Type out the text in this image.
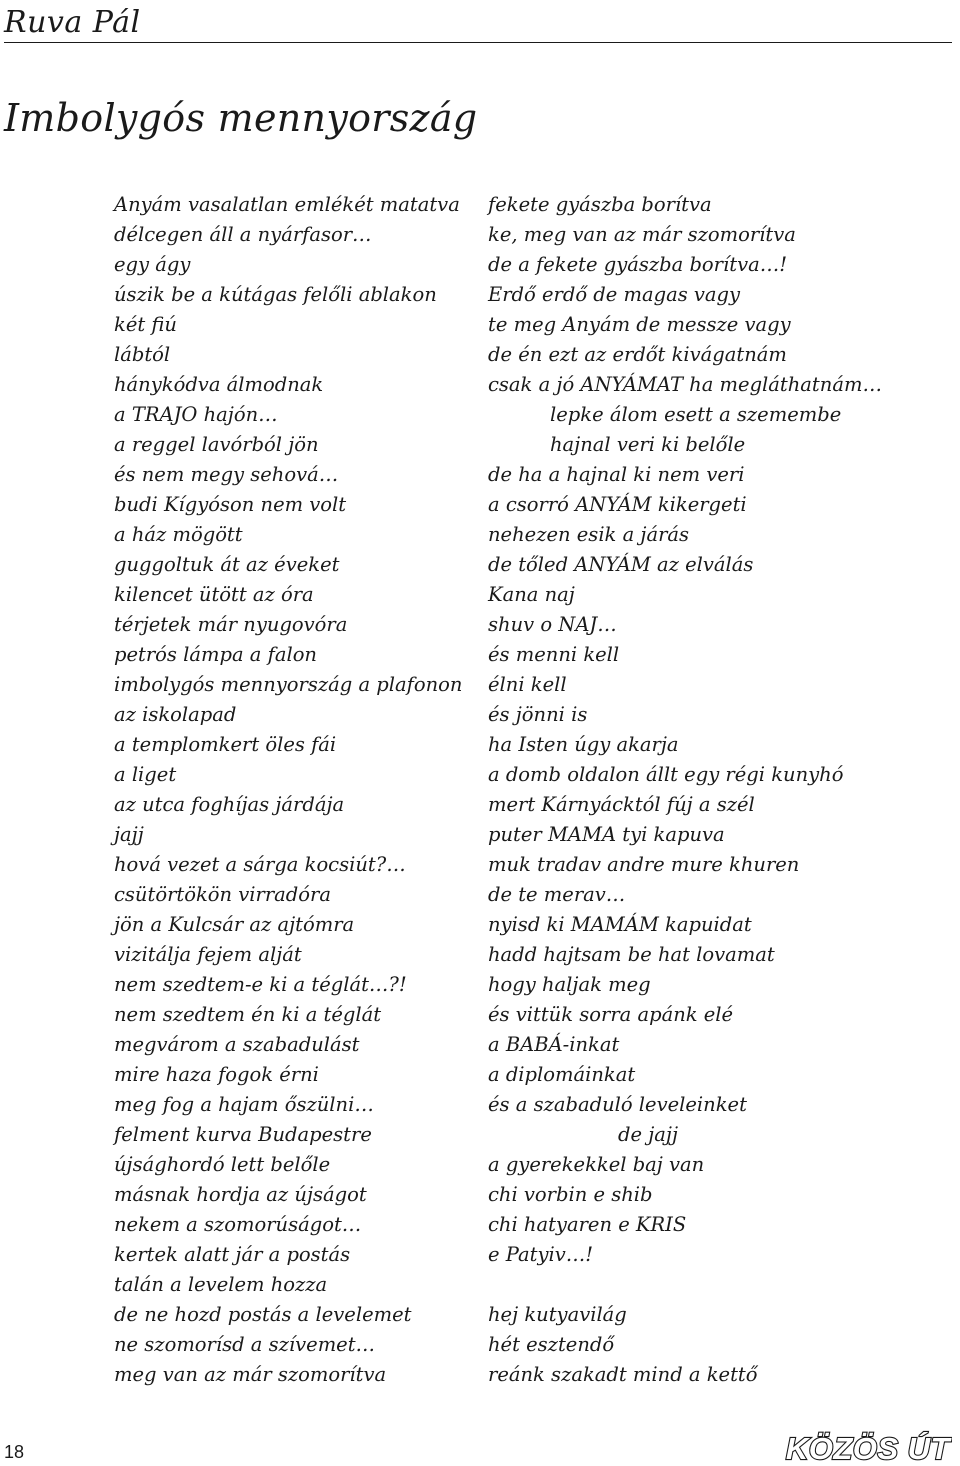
Ruva Pál
Imbolygós mennyország
Anyám vasalatlan emlékét matatva
délcegen áll a nyárfasor…
egy ágy
úszik be a kútágas felőli ablakon
két fiú
lábtól
hánykódva álmodnak
a TRAJO hajón…
a reggel lavórból jön
és nem megy sehová…
budi Kígyóson nem volt
a ház mögött
guggoltuk át az éveket
kilencet ütött az óra
térjetek már nyugovóra
petrós lámpa a falon
imbolygós mennyország a plafonon
az iskolapad
a templomkert öles fái
a liget
az utca foghíjas járdája
jajj
hová vezet a sárga kocsiút?…
csütörtökön virradóra
jön a Kulcsár az ajtómra
vizitálja fejem alját
nem szedtem-e ki a téglát…?!
nem szedtem én ki a téglát
megvárom a szabadulást
mire haza fogok érni
meg fog a hajam őszülni…
felment kurva Budapestre
újsághordó lett belőle
másnak hordja az újságot
nekem a szomorúságot…
kertek alatt jár a postás
talán a levelem hozza
de ne hozd postás a levelemet
ne szomorísd a szívemet…
meg van az már szomorítva
fekete gyászba borítva
ke, meg van az már szomorítva
de a fekete gyászba borítva…!
Erdő erdő de magas vagy
te meg Anyám de messze vagy
de én ezt az erdőt kivágatnám
csak a jó ANYÁMAT ha megláthatnám…
lepke álom esett a szemembe
hajnal veri ki belőle
de ha a hajnal ki nem veri
a csorró ANYÁM kikergeti
nehezen esik a járás
de tőled ANYÁM az elválás
Kana naj
shuv o NAJ…
és menni kell
élni kell
és jönni is
ha Isten úgy akarja
a domb oldalon állt egy régi kunyhó
mert Kárnyácktól fúj a szél
puter MAMA tyi kapuva
muk tradav andre mure khuren
de te merav…
nyisd ki MAMÁM kapuidat
hadd hajtsam be hat lovamat
hogy haljak meg
és vittük sorra apánk elé
a BABÁ-inkat
a diplomáinkat
és a szabaduló leveleinket
de jajj
a gyerekekkel baj van
chi vorbin e shib
chi hatyaren e KRIS
e Patyiv…!
hej kutyavilág
hét esztendő
reánk szakadt mind a kettő
18	KÖZÖS ÚT
